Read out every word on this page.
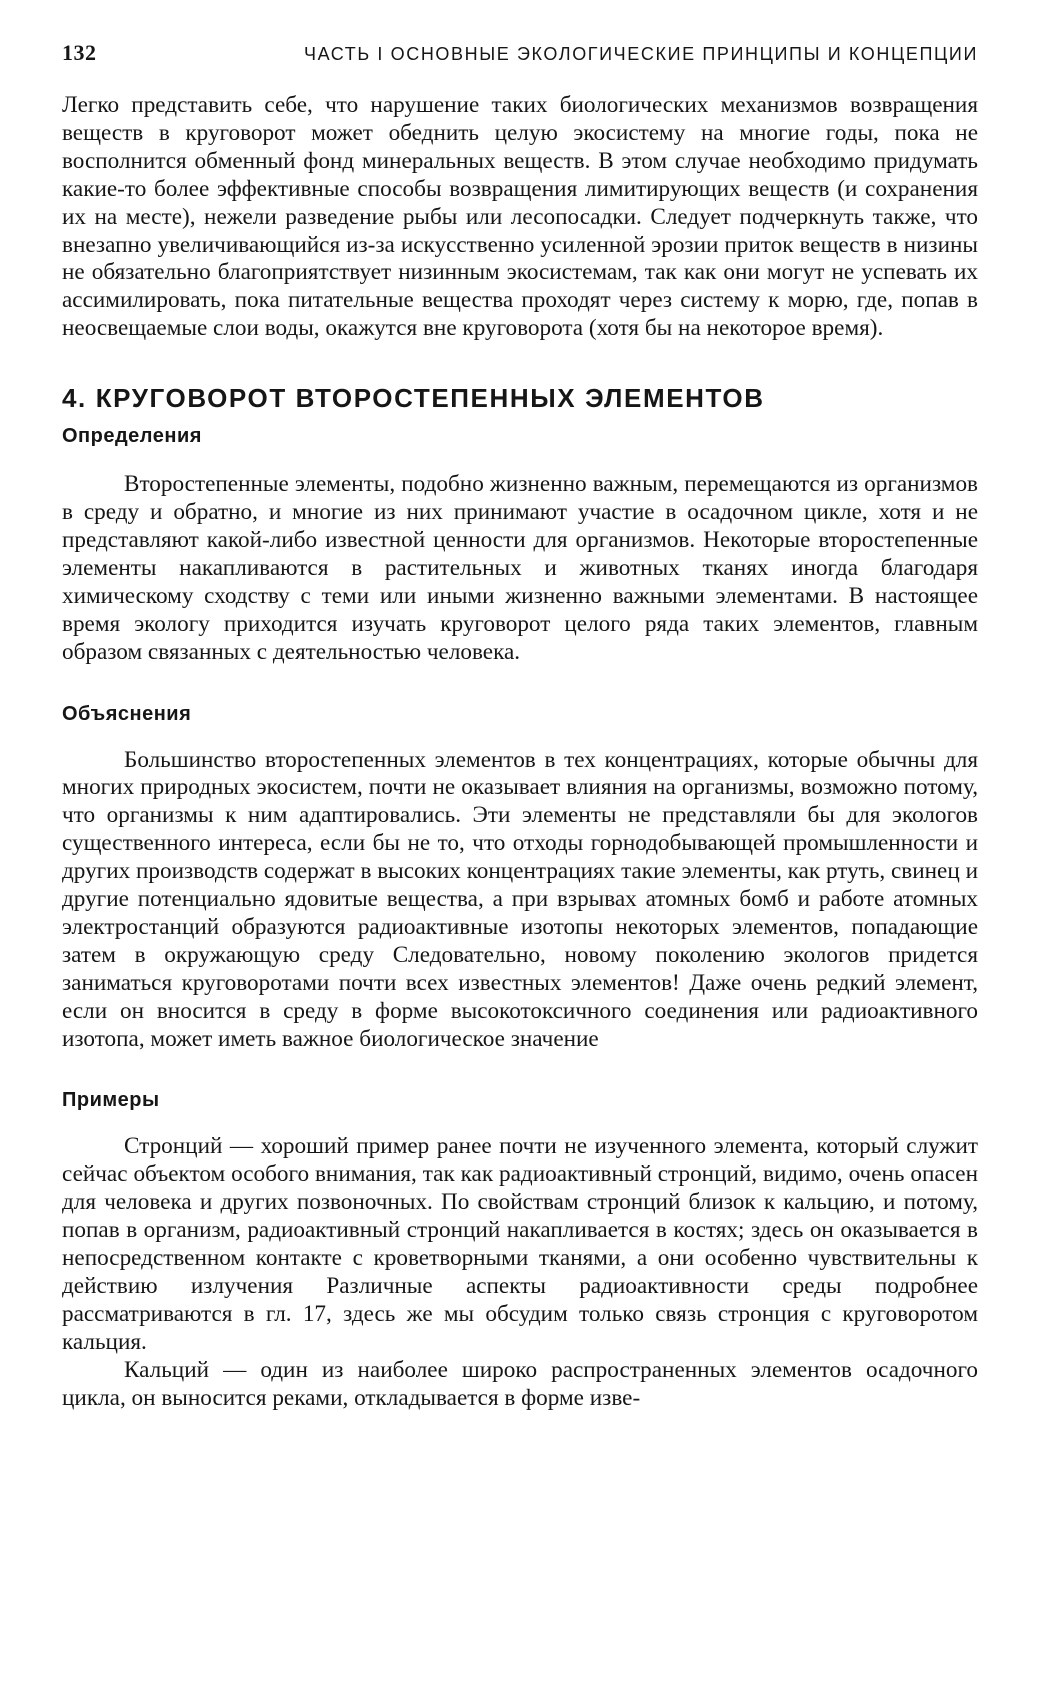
132	ЧАСТЬ I ОСНОВНЫЕ ЭКОЛОГИЧЕСКИЕ ПРИНЦИПЫ И КОНЦЕПЦИИ

Легко представить себе, что нарушение таких биологических механизмов возвращения веществ в круговорот может обеднить целую экосистему на многие годы, пока не восполнится обменный фонд минеральных веществ. В этом случае необходимо придумать какие-то более эффективные способы возвращения лимитирующих веществ (и сохранения их на месте), нежели разведение рыбы или лесопосадки. Следует подчеркнуть также, что внезапно увеличивающийся из-за искусственно усиленной эрозии приток веществ в низины не обязательно благоприятствует низинным экосистемам, так как они могут не успевать их ассимилировать, пока питательные вещества проходят через систему к морю, где, попав в неосвещаемые слои воды, окажутся вне круговорота (хотя бы на некоторое время).

4. КРУГОВОРОТ ВТОРОСТЕПЕННЫХ ЭЛЕМЕНТОВ
Определения

Второстепенные элементы, подобно жизненно важным, перемещаются из организмов в среду и обратно, и многие из них принимают участие в осадочном цикле, хотя и не представляют какой-либо известной ценности для организмов. Некоторые второстепенные элементы накапливаются в растительных и животных тканях иногда благодаря химическому сходству с теми или иными жизненно важными элементами. В настоящее время экологу приходится изучать круговорот целого ряда таких элементов, главным образом связанных с деятельностью человека.

Объяснения

Большинство второстепенных элементов в тех концентрациях, которые обычны для многих природных экосистем, почти не оказывает влияния на организмы, возможно потому, что организмы к ним адаптировались. Эти элементы не представляли бы для экологов существенного интереса, если бы не то, что отходы горнодобывающей промышленности и других производств содержат в высоких концентрациях такие элементы, как ртуть, свинец и другие потенциально ядовитые вещества, а при взрывах атомных бомб и работе атомных электростанций образуются радиоактивные изотопы некоторых элементов, попадающие затем в окружающую среду Следовательно, новому поколению экологов придется заниматься круговоротами почти всех известных элементов! Даже очень редкий элемент, если он вносится в среду в форме высокотоксичного соединения или радиоактивного изотопа, может иметь важное биологическое значение

Примеры

Стронций — хороший пример ранее почти не изученного элемента, который служит сейчас объектом особого внимания, так как радиоактивный стронций, видимо, очень опасен для человека и других позвоночных. По свойствам стронций близок к кальцию, и потому, попав в организм, радиоактивный стронций накапливается в костях; здесь он оказывается в непосредственном контакте с кроветворными тканями, а они особенно чувствительны к действию излучения Различные аспекты радиоактивности среды подробнее рассматриваются в гл. 17, здесь же мы обсудим только связь стронция с круговоротом кальция.

Кальций — один из наиболее широко распространенных элементов осадочного цикла, он выносится реками, откладывается в форме изве-
